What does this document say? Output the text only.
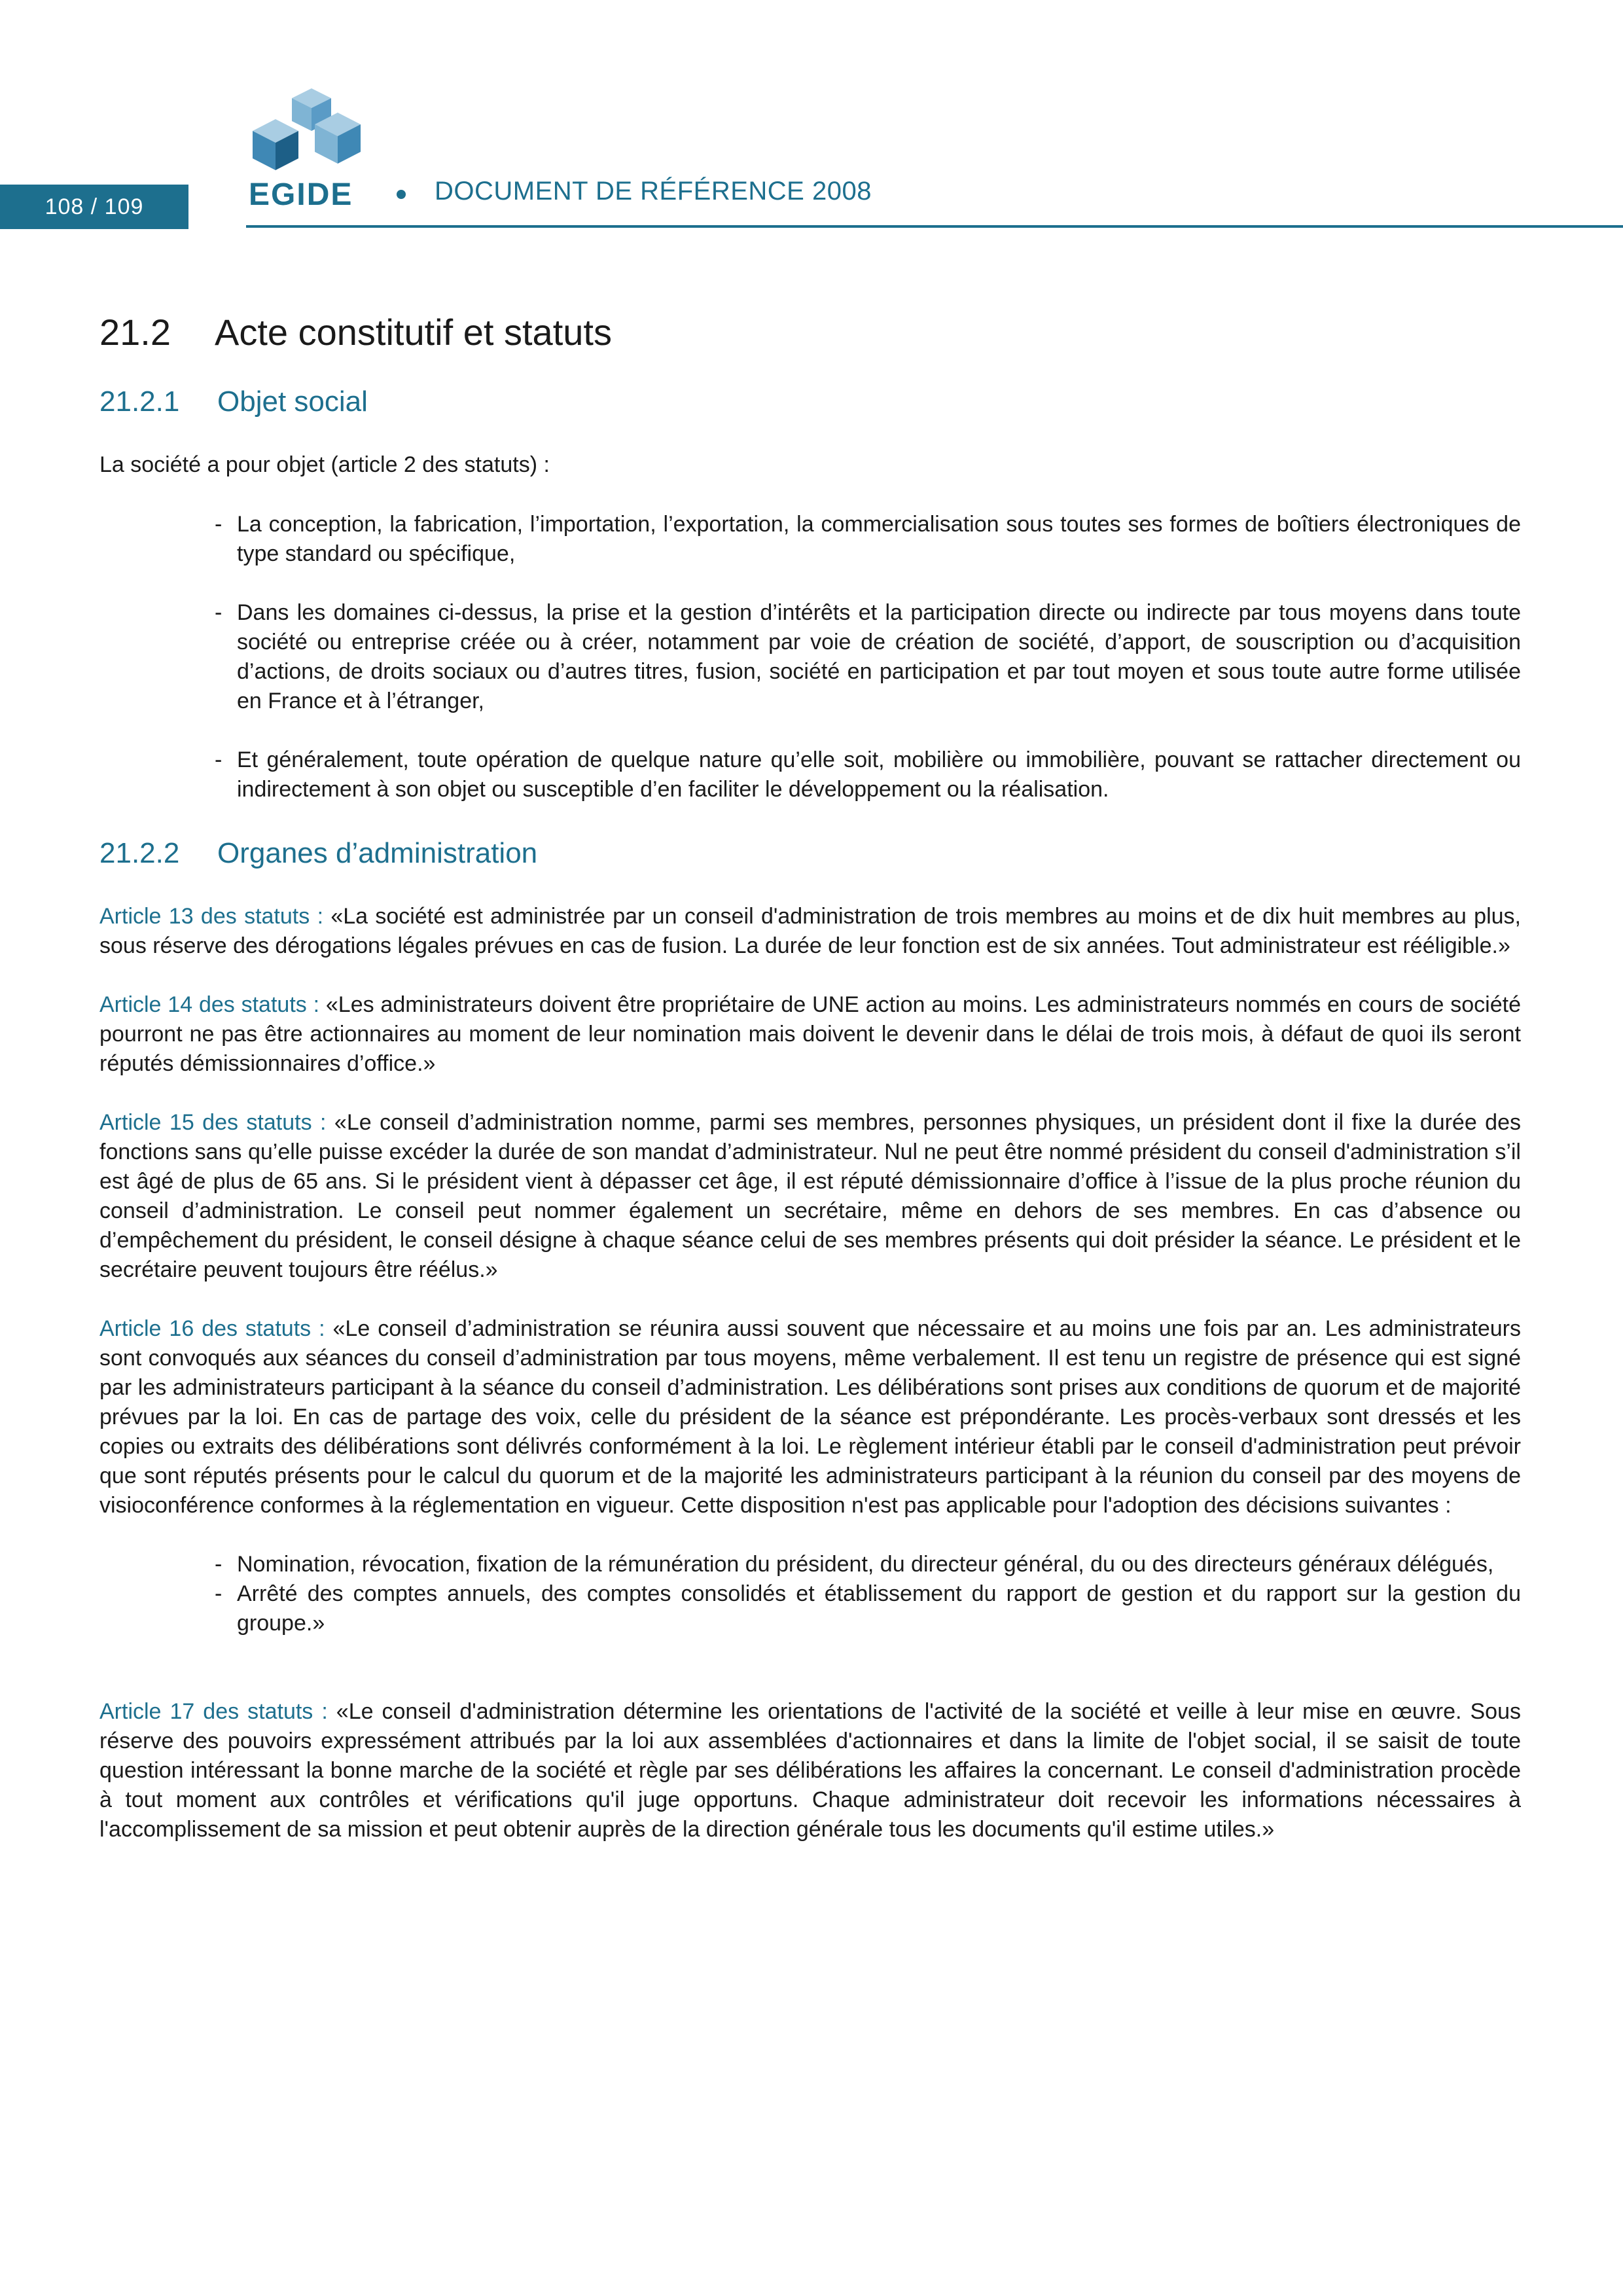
108 / 109	EGIDE	DOCUMENT DE RÉFÉRENCE 2008
21.2 Acte constitutif et statuts
21.2.1 Objet social

La société a pour objet (article 2 des statuts) :

- La conception, la fabrication, l’importation, l’exportation, la commercialisation sous toutes ses formes de boîtiers électroniques de type standard ou spécifique,
- Dans les domaines ci-dessus, la prise et la gestion d’intérêts et la participation directe ou indirecte par tous moyens dans toute société ou entreprise créée ou à créer, notamment par voie de création de société, d’apport, de souscription ou d’acquisition d’actions, de droits sociaux ou d’autres titres, fusion, société en participation et par tout moyen et sous toute autre forme utilisée en France et à l’étranger,
- Et généralement, toute opération de quelque nature qu’elle soit, mobilière ou immobilière, pouvant se rattacher directement ou indirectement à son objet ou susceptible d’en faciliter le développement ou la réalisation.
21.2.2 Organes d’administration

Article 13 des statuts : «La société est administrée par un conseil d'administration de trois membres au moins et de dix huit membres au plus, sous réserve des dérogations légales prévues en cas de fusion. La durée de leur fonction est de six années. Tout administrateur est rééligible.»

Article 14 des statuts : «Les administrateurs doivent être propriétaire de UNE action au moins. Les administrateurs nommés en cours de société pourront ne pas être actionnaires au moment de leur nomination mais doivent le devenir dans le délai de trois mois, à défaut de quoi ils seront réputés démissionnaires d’office.»

Article 15 des statuts : «Le conseil d’administration nomme, parmi ses membres, personnes physiques, un président dont il fixe la durée des fonctions sans qu’elle puisse excéder la durée de son mandat d’administrateur. Nul ne peut être nommé président du conseil d'administration s’il est âgé de plus de 65 ans. Si le président vient à dépasser cet âge, il est réputé démissionnaire d’office à l’issue de la plus proche réunion du conseil d’administration. Le conseil peut nommer également un secrétaire, même en dehors de ses membres. En cas d’absence ou d’empêchement du président, le conseil désigne à chaque séance celui de ses membres présents qui doit présider la séance. Le président et le secrétaire peuvent toujours être réélus.»

Article 16 des statuts : «Le conseil d’administration se réunira aussi souvent que nécessaire et au moins une fois par an. Les administrateurs sont convoqués aux séances du conseil d’administration par tous moyens, même verbalement. Il est tenu un registre de présence qui est signé par les administrateurs participant à la séance du conseil d’administration. Les délibérations sont prises aux conditions de quorum et de majorité prévues par la loi. En cas de partage des voix, celle du président de la séance est prépondérante. Les procès-verbaux sont dressés et les copies ou extraits des délibérations sont délivrés conformément à la loi. Le règlement intérieur établi par le conseil d'administration peut prévoir que sont réputés présents pour le calcul du quorum et de la majorité les administrateurs participant à la réunion du conseil par des moyens de visioconférence conformes à la réglementation en vigueur. Cette disposition n'est pas applicable pour l'adoption des décisions suivantes :

- Nomination, révocation, fixation de la rémunération du président, du directeur général, du ou des directeurs généraux délégués,
- Arrêté des comptes annuels, des comptes consolidés et établissement du rapport de gestion et du rapport sur la gestion du groupe.»

Article 17 des statuts : «Le conseil d'administration détermine les orientations de l'activité de la société et veille à leur mise en œuvre. Sous réserve des pouvoirs expressément attribués par la loi aux assemblées d'actionnaires et dans la limite de l'objet social, il se saisit de toute question intéressant la bonne marche de la société et règle par ses délibérations les affaires la concernant. Le conseil d'administration procède à tout moment aux contrôles et vérifications qu'il juge opportuns. Chaque administrateur doit recevoir les informations nécessaires à l'accomplissement de sa mission et peut obtenir auprès de la direction générale tous les documents qu'il estime utiles.»
